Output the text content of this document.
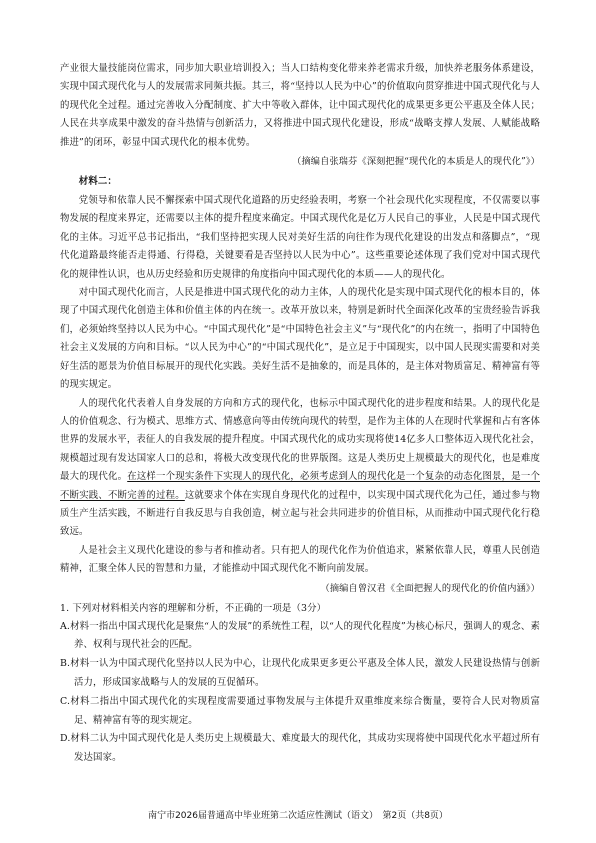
产业很大量技能岗位需求，同步加大职业培训投入；当人口结构变化带来养老需求升级，加快养老服务体系建设，实现中国式现代化与人的发展需求同频共振。其三，将“坚持以人民为中心”的价值取向贯穿推进中国式现代化与人的现代化全过程。通过完善收入分配制度、扩大中等收入群体，让中国式现代化的成果更多更公平惠及全体人民；人民在共享成果中激发的奋斗热情与创新活力，又将推进中国式现代化建设，形成“战略支撑人发展、人赋能战略推进”的闭环，彰显中国式现代化的根本优势。

（摘编自张瑞芬《深刻把握“现代化的本质是人的现代化”》）

材料二：

党领导和依靠人民不懈探索中国式现代化道路的历史经验表明，考察一个社会现代化实现程度，不仅需要以事物发展的程度来界定，还需要以主体的提升程度来确定。中国式现代化是亿万人民自己的事业，人民是中国式现代化的主体。习近平总书记指出，“我们坚持把实现人民对美好生活的向往作为现代化建设的出发点和落脚点”，“现代化道路最终能否走得通、行得稳，关键要看是否坚持以人民为中心”。这些重要论述体现了我们党对中国式现代化的规律性认识，也从历史经验和历史规律的角度指向中国式现代化的本质——人的现代化。

对中国式现代化而言，人民是推进中国式现代化的动力主体，人的现代化是实现中国式现代化的根本目的，体现了中国式现代化创造主体和价值主体的内在统一。改革开放以来，特别是新时代全面深化改革的宝贵经验告诉我们，必须始终坚持以人民为中心。“中国式现代化”是“中国特色社会主义”与“现代化”的内在统一，指明了中国特色社会主义发展的方向和目标。“以人民为中心”的“中国式现代化”，是立足于中国现实，以中国人民现实需要和对美好生活的愿景为价值目标展开的现代化实践。美好生活不是抽象的，而是具体的，是主体对物质富足、精神富有等的现实规定。

人的现代化代表着人自身发展的方向和方式的现代化，也标示中国式现代化的进步程度和结果。人的现代化是人的价值观念、行为模式、思维方式、情感意向等由传统向现代的转型，是作为主体的人在现时代掌握和占有客体世界的发展水平，表征人的自我发展的提升程度。中国式现代化的成功实现将使14亿多人口整体迈入现代化社会，规模超过现有发达国家人口的总和，将极大改变现代化的世界版图。这是人类历史上规模最大的现代化，也是难度最大的现代化。在这样一个现实条件下实现人的现代化，必须考虑到人的现代化是一个复杂的动态化图景，是一个不断实践、不断完善的过程。这就要求个体在实现自身现代化的过程中，以实现中国式现代化为己任，通过参与物质生产生活实践，不断进行自我反思与自我创造，树立起与社会共同进步的价值目标，从而推动中国式现代化行稳致远。

人是社会主义现代化建设的参与者和推动者。只有把人的现代化作为价值追求，紧紧依靠人民，尊重人民创造精神，汇聚全体人民的智慧和力量，才能推动中国式现代化不断向前发展。

（摘编自曾汉君《全面把握人的现代化的价值内涵》）

1. 下列对材料相关内容的理解和分析，不正确的一项是（3分）

A.材料一指出中国式现代化是聚焦“人的发展”的系统性工程，以“人的现代化程度”为核心标尺，强调人的观念、素养、权利与现代社会的匹配。

B.材料一认为中国式现代化坚持以人民为中心，让现代化成果更多更公平惠及全体人民，激发人民建设热情与创新活力，形成国家战略与人的发展的互促循环。

C.材料二指出中国式现代化的实现程度需要通过事物发展与主体提升双重维度来综合衡量，要符合人民对物质富足、精神富有等的现实规定。

D.材料二认为中国式现代化是人类历史上规模最大、难度最大的现代化，其成功实现将使中国现代化水平超过所有发达国家。

南宁市2026届普通高中毕业班第二次适应性测试（语文）　第2页（共8页）
